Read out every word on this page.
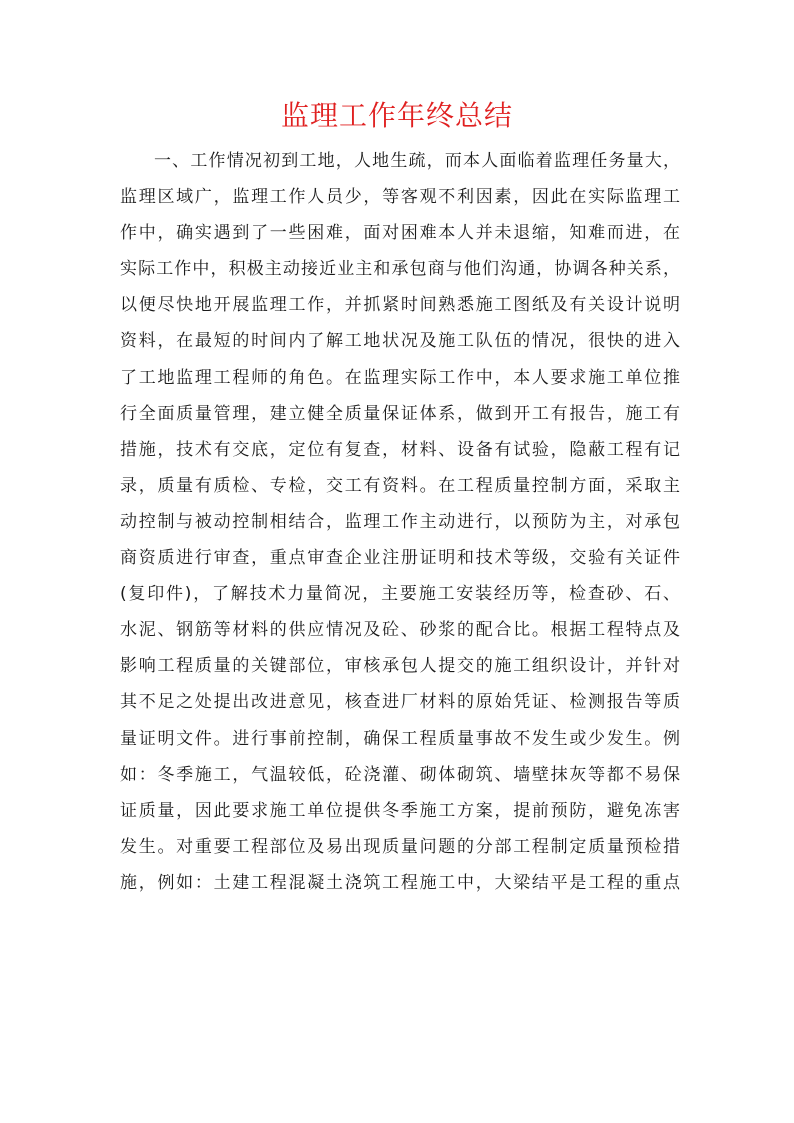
监理工作年终总结
一、工作情况初到工地，人地生疏，而本人面临着监理任务量大，
监理区域广，监理工作人员少，等客观不利因素，因此在实际监理工
作中，确实遇到了一些困难，面对困难本人并未退缩，知难而进，在
实际工作中，积极主动接近业主和承包商与他们沟通，协调各种关系，
以便尽快地开展监理工作，并抓紧时间熟悉施工图纸及有关设计说明
资料，在最短的时间内了解工地状况及施工队伍的情况，很快的进入
了工地监理工程师的角色。在监理实际工作中，本人要求施工单位推
行全面质量管理，建立健全质量保证体系，做到开工有报告，施工有
措施，技术有交底，定位有复查，材料、设备有试验，隐蔽工程有记
录，质量有质检、专检，交工有资料。在工程质量控制方面，采取主
动控制与被动控制相结合，监理工作主动进行，以预防为主，对承包
商资质进行审查，重点审查企业注册证明和技术等级，交验有关证件
(复印件)，了解技术力量简况，主要施工安装经历等，检查砂、石、
水泥、钢筋等材料的供应情况及砼、砂浆的配合比。根据工程特点及
影响工程质量的关键部位，审核承包人提交的施工组织设计，并针对
其不足之处提出改进意见，核查进厂材料的原始凭证、检测报告等质
量证明文件。进行事前控制，确保工程质量事故不发生或少发生。例
如：冬季施工，气温较低，砼浇灌、砌体砌筑、墙壁抹灰等都不易保
证质量，因此要求施工单位提供冬季施工方案，提前预防，避免冻害
发生。对重要工程部位及易出现质量问题的分部工程制定质量预检措
施，例如：土建工程混凝土浇筑工程施工中，大梁结平是工程的重点
